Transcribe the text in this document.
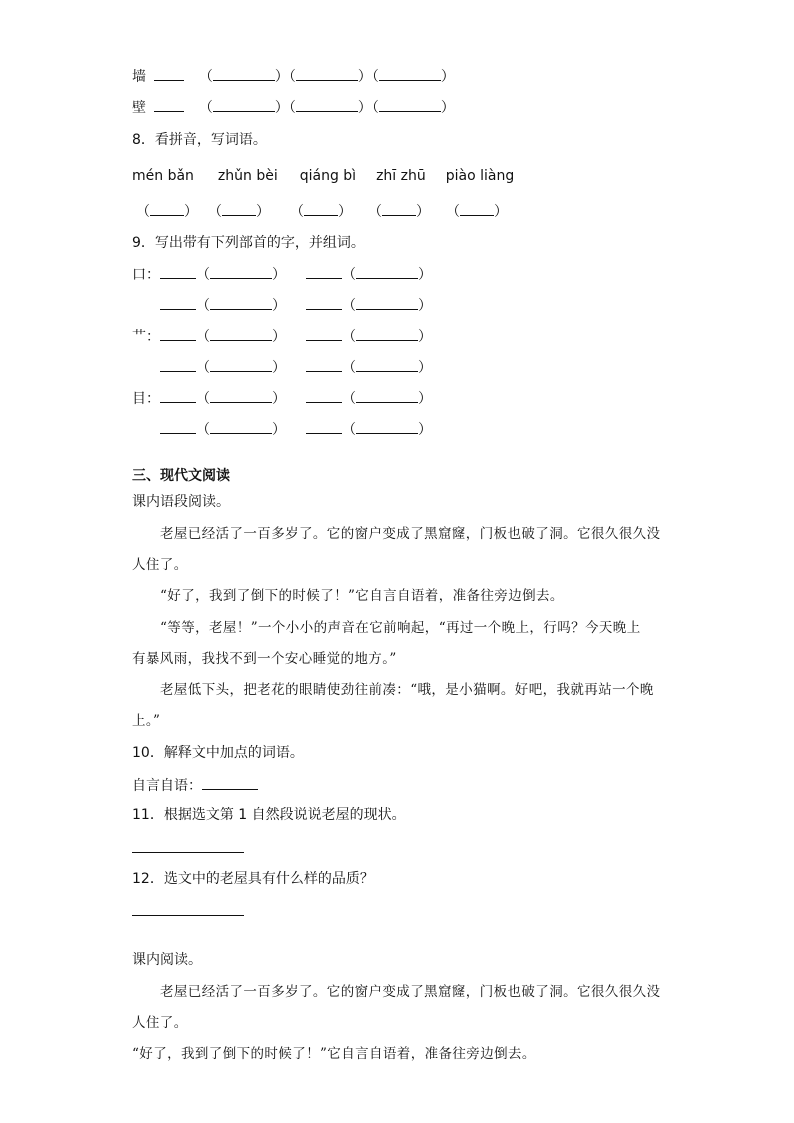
墙	（	）（	）（	）
壁	（	）（	）（	）
8．看拼音，写词语。
mén bǎn zhǔn bèi qiáng bì zhī zhū piào liàng
（ ） （ ） （ ） （ ） （ ）
9．写出带有下列部首的字，并组词。
口：	（	）	（	）
（	）	（	）
艹：	（	）	（	）
（	）	（	）
目：	（	）	（	）
（	）	（	）
三、现代文阅读
课内语段阅读。
老屋已经活了一百多岁了。它的窗户变成了黑窟窿，门板也破了洞。它很久很久没
人住了。
“好了，我到了倒下的时候了！”它自言自语着，准备往旁边倒去。
“等等，老屋！”一个小小的声音在它前响起，“再过一个晚上，行吗？今天晚上
有暴风雨，我找不到一个安心睡觉的地方。”
老屋低下头，把老花的眼睛使劲往前凑：“哦，是小猫啊。好吧，我就再站一个晚
上。”
10．解释文中加点的词语。
自言自语：
11．根据选文第 1 自然段说说老屋的现状。
12．选文中的老屋具有什么样的品质？
课内阅读。
老屋已经活了一百多岁了。它的窗户变成了黑窟窿，门板也破了洞。它很久很久没
人住了。
“好了，我到了倒下的时候了！”它自言自语着，准备往旁边倒去。
